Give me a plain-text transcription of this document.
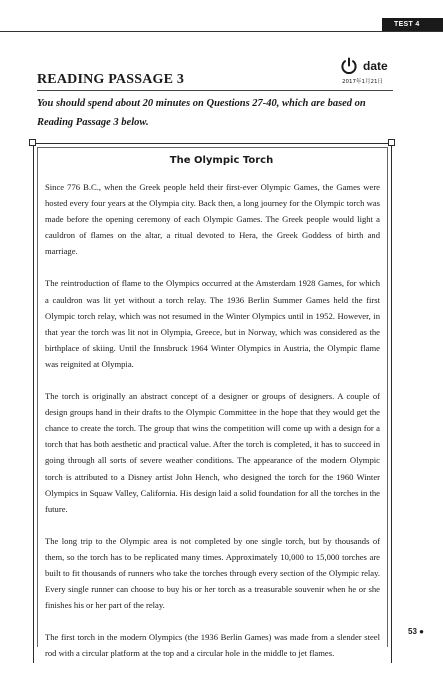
TEST 4
READING PASSAGE 3
date
2017年1月21日
You should spend about 20 minutes on Questions 27-40, which are based on Reading Passage 3 below.
The Olympic Torch

Since 776 B.C., when the Greek people held their first-ever Olympic Games, the Games were hosted every four years at the Olympia city. Back then, a long journey for the Olympic torch was made before the opening ceremony of each Olympic Games. The Greek people would light a cauldron of flames on the altar, a ritual devoted to Hera, the Greek Goddess of birth and marriage.

The reintroduction of flame to the Olympics occurred at the Amsterdam 1928 Games, for which a cauldron was lit yet without a torch relay. The 1936 Berlin Summer Games held the first Olympic torch relay, which was not resumed in the Winter Olympics until in 1952. However, in that year the torch was lit not in Olympia, Greece, but in Norway, which was considered as the birthplace of skiing. Until the Innsbruck 1964 Winter Olympics in Austria, the Olympic flame was reignited at Olympia.

The torch is originally an abstract concept of a designer or groups of designers. A couple of design groups hand in their drafts to the Olympic Committee in the hope that they would get the chance to create the torch. The group that wins the competition will come up with a design for a torch that has both aesthetic and practical value. After the torch is completed, it has to succeed in going through all sorts of severe weather conditions. The appearance of the modern Olympic torch is attributed to a Disney artist John Hench, who designed the torch for the 1960 Winter Olympics in Squaw Valley, California. His design laid a solid foundation for all the torches in the future.

The long trip to the Olympic area is not completed by one single torch, but by thousands of them, so the torch has to be replicated many times. Approximately 10,000 to 15,000 torches are built to fit thousands of runners who take the torches through every section of the Olympic relay. Every single runner can choose to buy his or her torch as a treasurable souvenir when he or she finishes his or her part of the relay.

The first torch in the modern Olympics (the 1936 Berlin Games) was made from a slender steel rod with a circular platform at the top and a circular hole in the middle to jet flames.

53 ●
